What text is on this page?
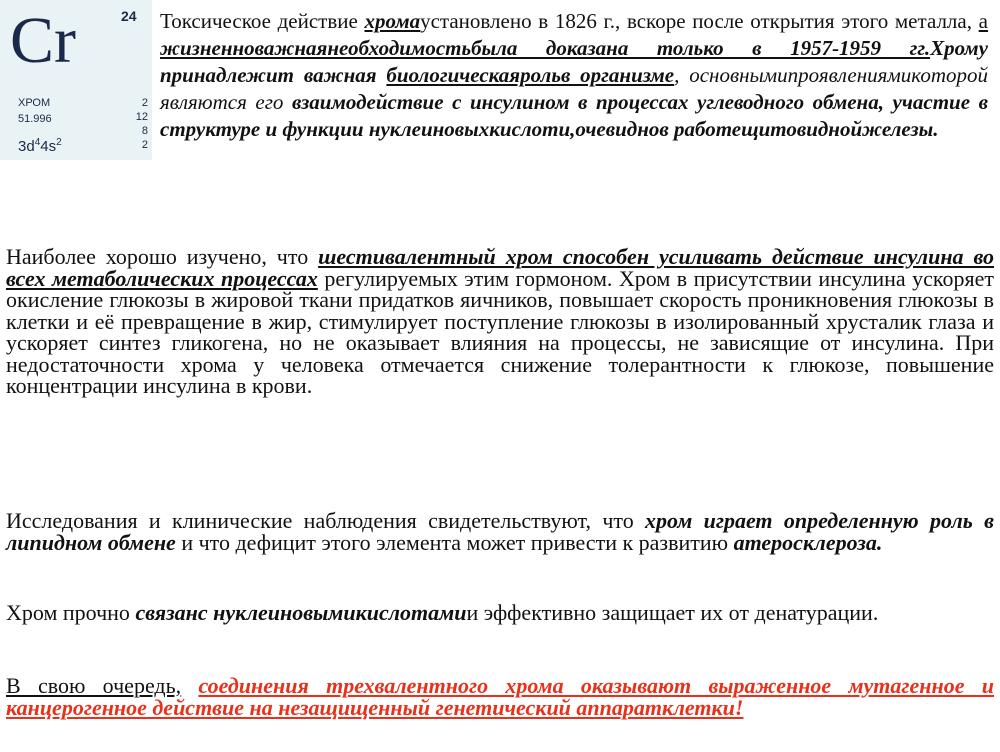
Cr	24
ХРОМ
51.996
$3d^44s^2$
2
12
8
2

Токсическое действие хромаустановлено в 1826 г., вскоре после открытия этого металла, а жизненноважнаянеобходимостьбыла доказана только в 1957-1959 гг.Хрому принадлежит важная биологическаярольв организме, основнымипроявлениямикоторой являются его взаимодействие с инсулином в процессах углеводного обмена, участие в структуре и функции нуклеиновыхкислоти,очевиднов работещитовиднойжелезы.

Наиболее хорошо изучено, что шестивалентный хром способен усиливать действие инсулина во всех метаболических процессах регулируемых этим гормоном. Хром в присутствии инсулина ускоряет окисление глюкозы в жировой ткани придатков яичников, повышает скорость проникновения глюкозы в клетки и её превращение в жир, стимулирует поступление глюкозы в изолированный хрусталик глаза и ускоряет синтез гликогена, но не оказывает влияния на процессы, не зависящие от инсулина. При недостаточности хрома у человека отмечается снижение толерантности к глюкозе, повышение концентрации инсулина в крови.

Исследования и клинические наблюдения свидетельствуют, что хром играет определенную роль в липидном обмене и что дефицит этого элемента может привести к развитию атеросклероза.

Хром прочно связанс нуклеиновымикислотамии эффективно защищает их от денатурации.

В свою очередь, соединения трехвалентного хрома оказывают выраженное мутагенное и канцерогенное действие на незащищенный генетический аппаратклетки!
